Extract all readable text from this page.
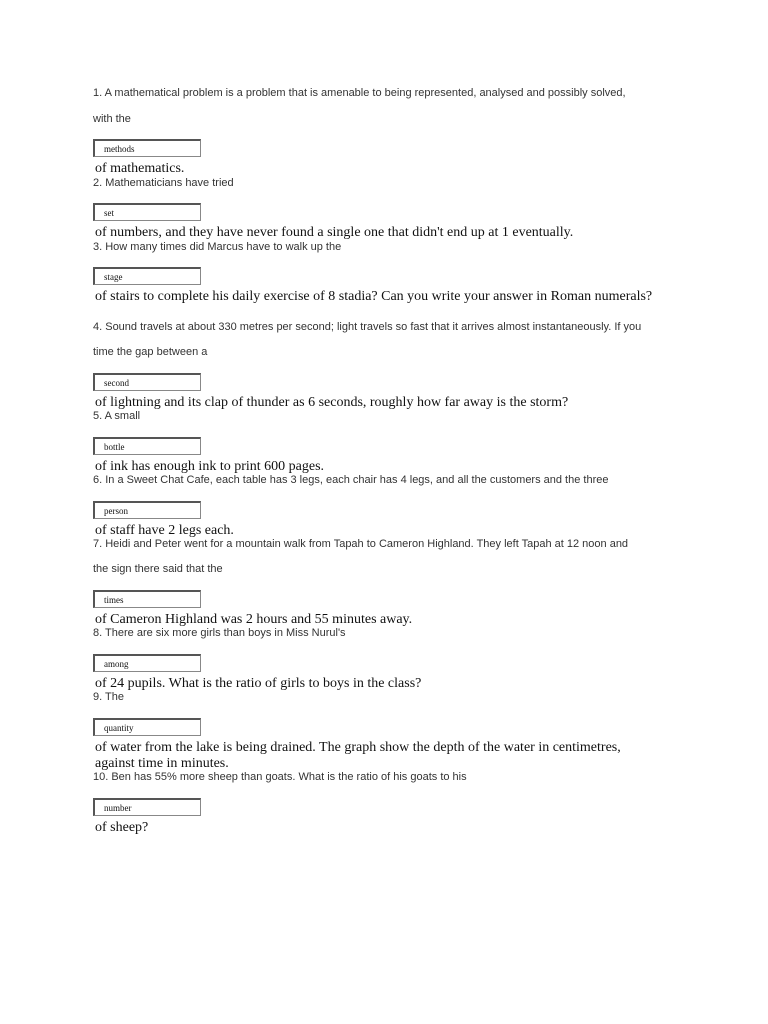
1. A mathematical problem is a problem that is amenable to being represented, analysed and possibly solved,
with the
methods
of mathematics.
2. Mathematicians have tried
set
of numbers, and they have never found a single one that didn't end up at 1 eventually.
3. How many times did Marcus have to walk up the
stage
of stairs to complete his daily exercise of 8 stadia? Can you write your answer in Roman numerals?
4. Sound travels at about 330 metres per second; light travels so fast that it arrives almost instantaneously. If you
time the gap between a
second
of lightning and its clap of thunder as 6 seconds, roughly how far away is the storm?
5. A small
bottle
of ink has enough ink to print 600 pages.
6. In a Sweet Chat Cafe, each table has 3 legs, each chair has 4 legs, and all the customers and the three
person
of staff have 2 legs each.
7. Heidi and Peter went for a mountain walk from Tapah to Cameron Highland. They left Tapah at 12 noon and
the sign there said that the
times
of Cameron Highland was 2 hours and 55 minutes away.
8. There are six more girls than boys in Miss Nurul's
among
of 24 pupils. What is the ratio of girls to boys in the class?
9. The
quantity
of water from the lake is being drained. The graph show the depth of the water in centimetres, against time in minutes.
10. Ben has 55% more sheep than goats. What is the ratio of his goats to his
number
of sheep?
